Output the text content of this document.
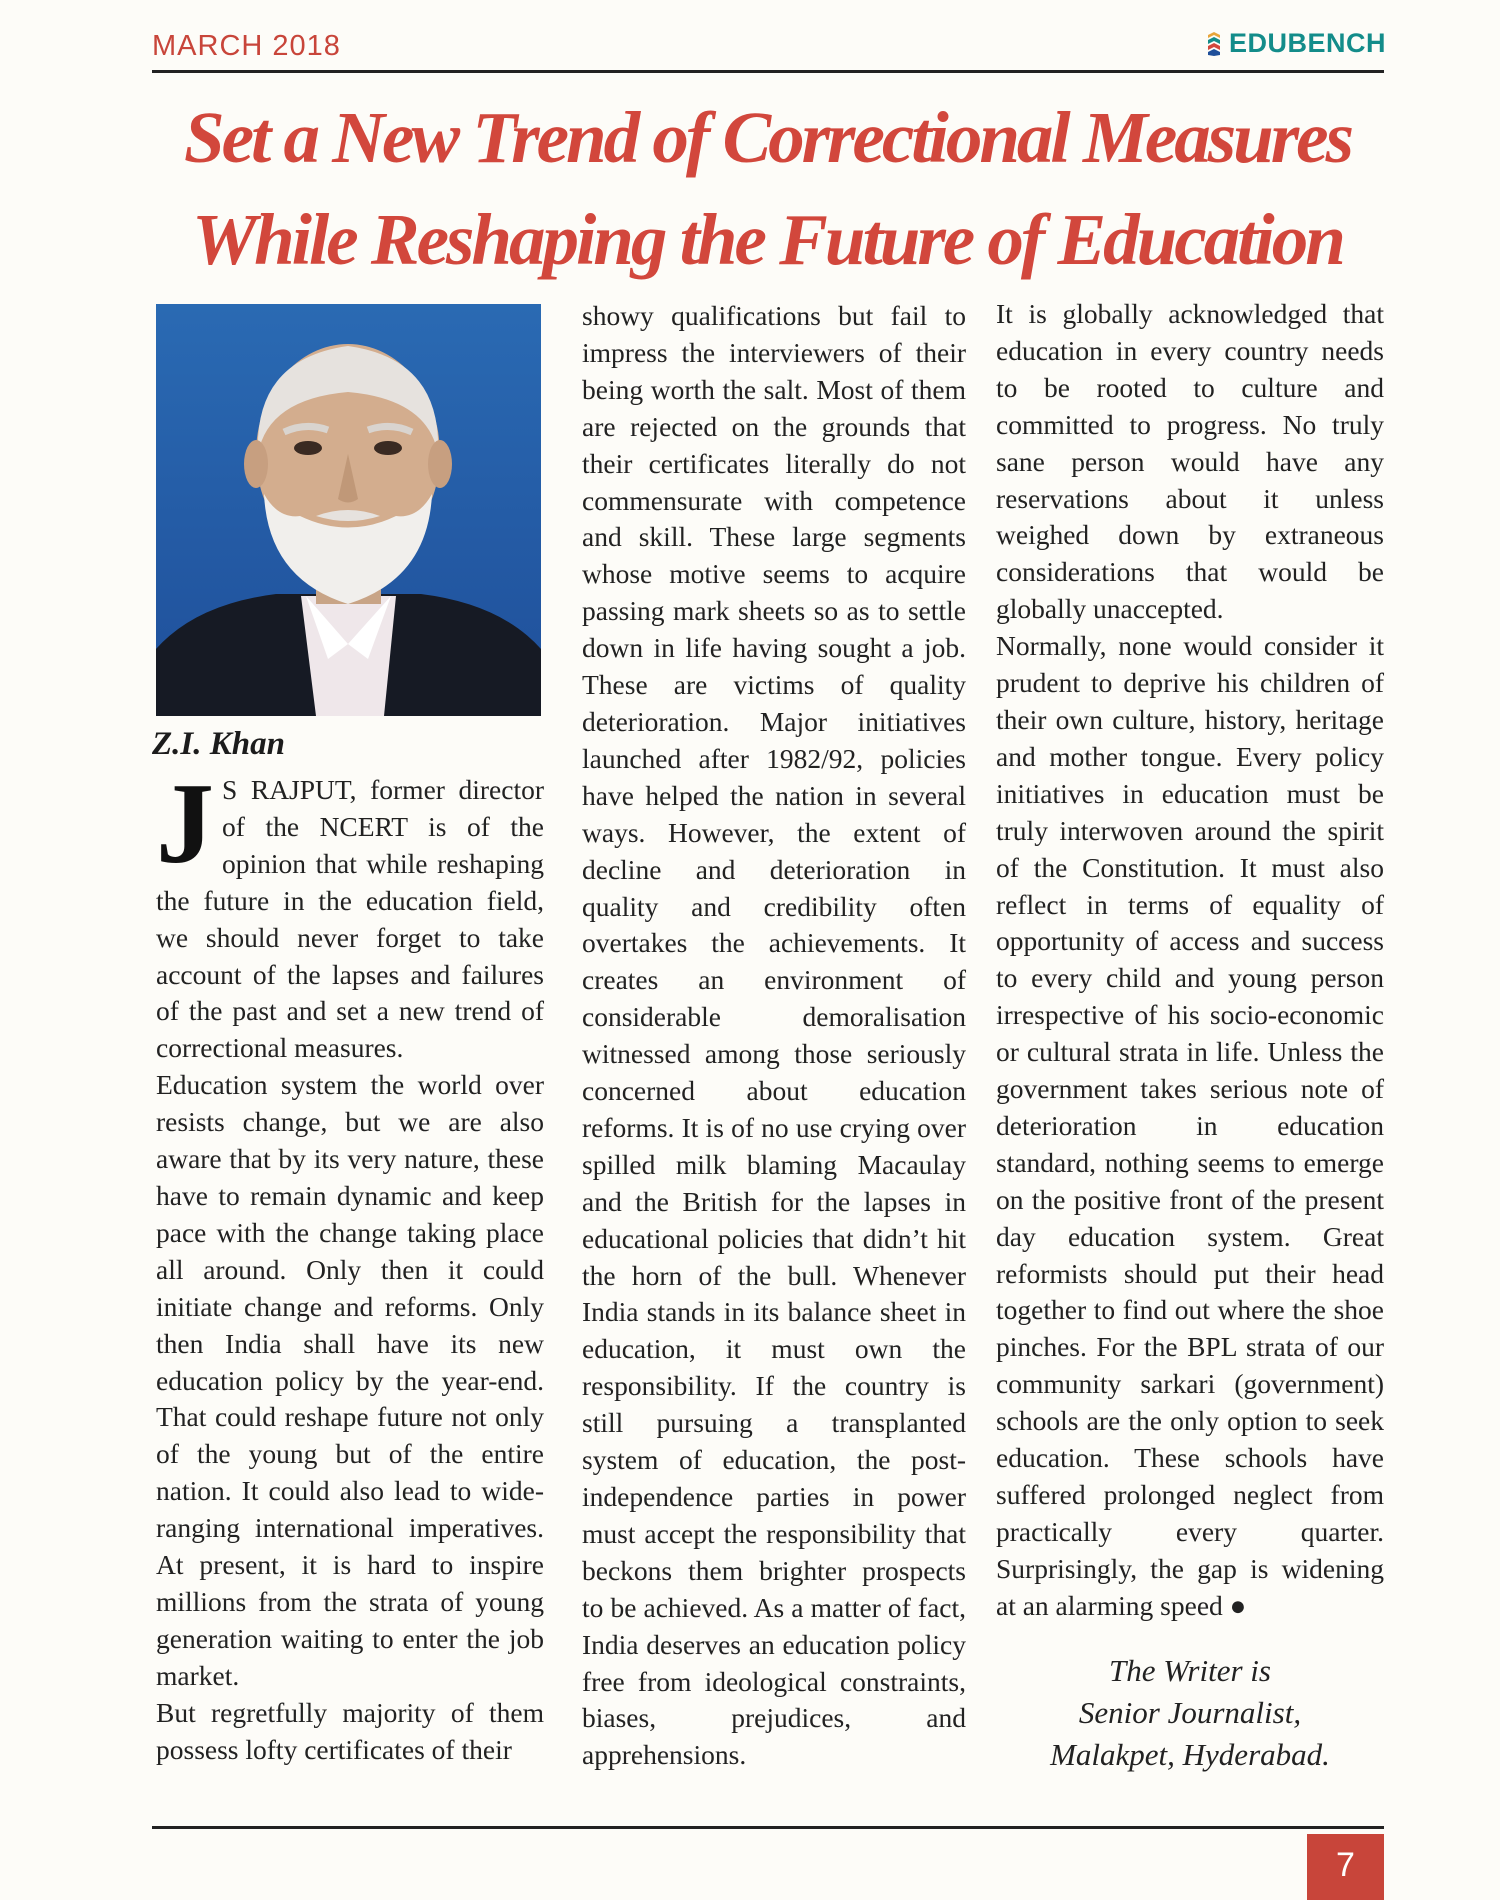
MARCH 2018	EDUBENCH
Set a New Trend of Correctional Measures
While Reshaping the Future of Education
Z.I. Khan

J S RAJPUT, former director of the NCERT is of the opinion that while reshaping the future in the education field, we should never forget to take account of the lapses and failures of the past and set a new trend of correctional measures.

Education system the world over resists change, but we are also aware that by its very nature, these have to remain dynamic and keep pace with the change taking place all around. Only then it could initiate change and reforms. Only then India shall have its new education policy by the year-end. That could reshape future not only of the young but of the entire nation. It could also lead to wide-ranging international imperatives. At present, it is hard to inspire millions from the strata of young generation waiting to enter the job market.

But regretfully majority of them possess lofty certificates of their

showy qualifications but fail to impress the interviewers of their being worth the salt. Most of them are rejected on the grounds that their certificates literally do not commensurate with competence and skill. These large segments whose motive seems to acquire passing mark sheets so as to settle down in life having sought a job. These are victims of quality deterioration. Major initiatives launched after 1982/92, policies have helped the nation in several ways. However, the extent of decline and deterioration in quality and credibility often overtakes the achievements. It creates an environment of considerable demoralisation witnessed among those seriously concerned about education reforms. It is of no use crying over spilled milk blaming Macaulay and the British for the lapses in educational policies that didn’t hit the horn of the bull. Whenever India stands in its balance sheet in education, it must own the responsibility. If the country is still pursuing a transplanted system of education, the post-independence parties in power must accept the responsibility that beckons them brighter prospects to be achieved. As a matter of fact, India deserves an education policy free from ideological constraints, biases, prejudices, and apprehensions.

It is globally acknowledged that education in every country needs to be rooted to culture and committed to progress. No truly sane person would have any reservations about it unless weighed down by extraneous considerations that would be globally unaccepted.

Normally, none would consider it prudent to deprive his children of their own culture, history, heritage and mother tongue. Every policy initiatives in education must be truly interwoven around the spirit of the Constitution. It must also reflect in terms of equality of opportunity of access and success to every child and young person irrespective of his socio-economic or cultural strata in life. Unless the government takes serious note of deterioration in education standard, nothing seems to emerge on the positive front of the present day education system. Great reformists should put their head together to find out where the shoe pinches. For the BPL strata of our community sarkari (government) schools are the only option to seek education. These schools have suffered prolonged neglect from practically every quarter. Surprisingly, the gap is widening at an alarming speed ●

The Writer is
Senior Journalist,
Malakpet, Hyderabad.
7
